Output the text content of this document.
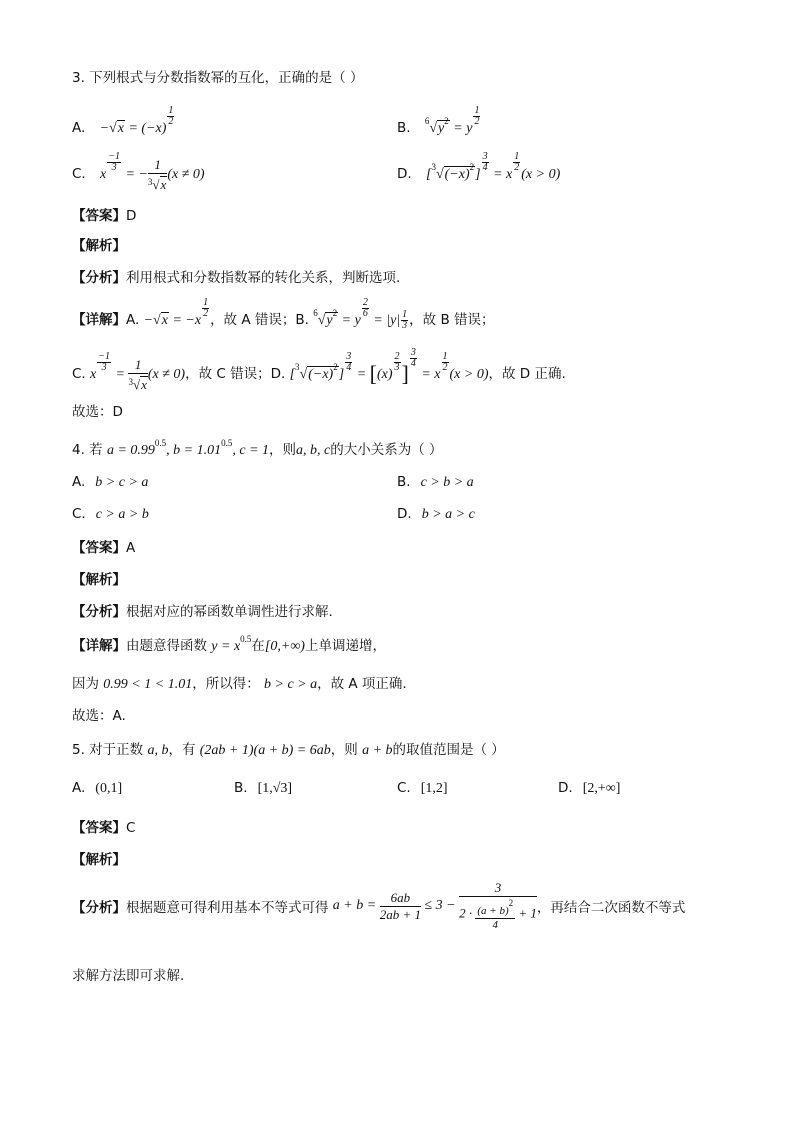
3. 下列根式与分数指数幂的互化，正确的是（ ）
A. −√x = (−x)
$\frac{1}{2}$
B. $^6√y^2 = y$
$\frac{1}{2}$
C. x
$\frac{-1}{3}$
= − $\frac{1}{^3√x} (x \ne 0)$	D. $[^3√(-x)^2]$
$\frac{3}{4}$
= x
$\frac{1}{2}$
(x > 0)
【答案】D
【解析】
【分析】利用根式和分数指数幂的转化关系，判断选项.
【详解】A. −√x = −x
$\frac{1}{2}$
，故 A 错误；B. $^6√y^2 = y$
$\frac{2}{6}$
= $|y| \frac{1}{3}$ ，故 B 错误；
C. x
$\frac{-1}{3}$
= $\frac{1}{^3√x} (x \ne 0)$，故 C 错误；D. $[^3√(-x)^2]$
$\frac{3}{4}$
= [(x)
$\frac{2}{3}$ ]
$\frac{3}{4}$
= x
$\frac{1}{2}$
(x > 0)，故 D 正确.
故选：D
4. 若 $a = 0.99^{0.5}$, $b = 1.01^{0.5}$, c = 1，则a, b, c的大小关系为（ ）
A. b > c > a	B. c > b > a
C. c > a > b	D. b > a > c
【答案】A
【解析】
【分析】根据对应的幂函数单调性进行求解.
【详解】由题意得函数 $y = x^{0.5}$在[0,+∞)上单调递增，
因为 0.99 < 1 < 1.01，所以得： b > c > a，故 A 项正确.
故选：A.
5. 对于正数 a, b，有 (2ab + 1)(a + b) = 6ab，则 a + b的取值范围是（ ）
A. (0,1]	B. [1,√3]	C. [1,2]	D. [2,+∞]
【答案】C
【解析】
【分析】根据题意可得利用基本不等式可得 $a + b = \frac{6ab}{2ab + 1} \le 3 - \frac{3}{2 \cdot \frac{(a + b)^2}{4} + 1}$ ，再结合二次函数不等式
求解方法即可求解.
